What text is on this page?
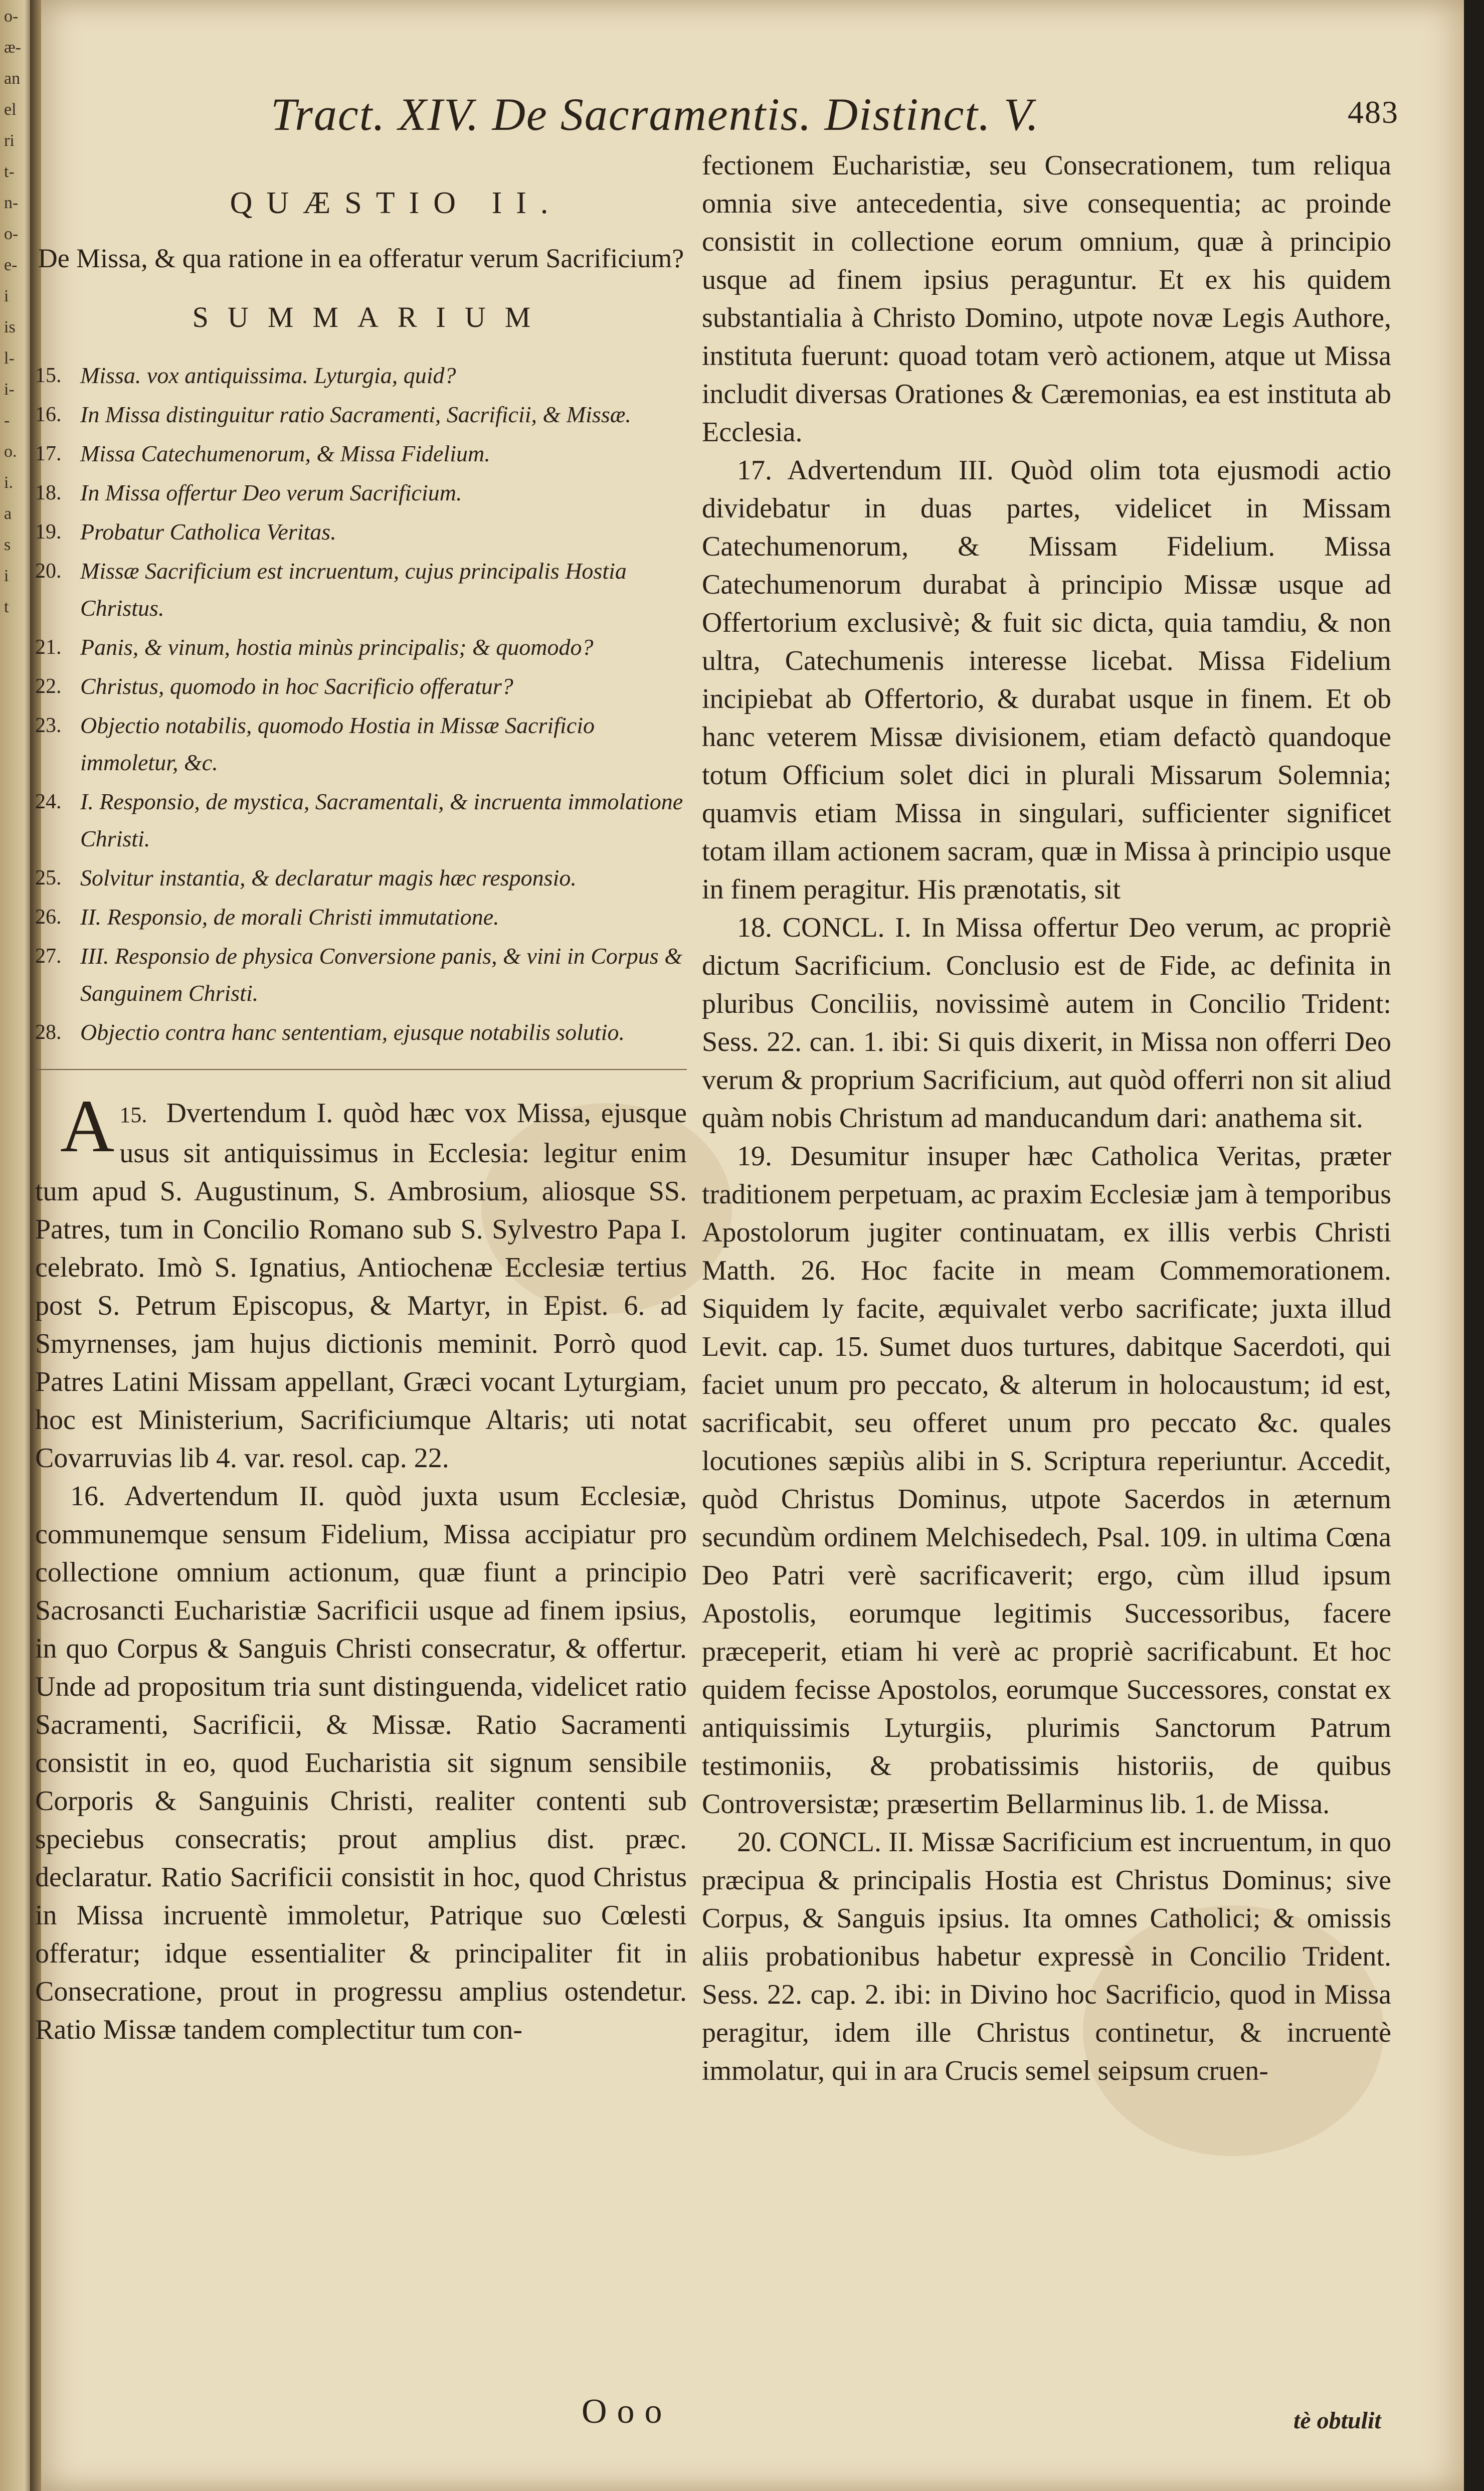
o-
æ-
an
el
ri
t-
n-
o-
e-
i
is
l-
i-
-
o.
i.
a
s
i
t
Tract. XIV. De Sacramentis. Distinct. V.	483
QUÆSTIO II.
De Missa, & qua ratione in ea offeratur verum Sacrificium?
SUMMARIUM
15. Missa. vox antiquissima. Lyturgia, quid?
16. In Missa distinguitur ratio Sacramenti, Sacrificii, & Missæ.
17. Missa Catechumenorum, & Missa Fidelium.
18. In Missa offertur Deo verum Sacrificium.
19. Probatur Catholica Veritas.
20. Missæ Sacrificium est incruentum, cujus principalis Hostia Christus.
21. Panis, & vinum, hostia minùs principalis; & quomodo?
22. Christus, quomodo in hoc Sacrificio offeratur?
23. Objectio notabilis, quomodo Hostia in Missæ Sacrificio immoletur, &c.
24. I. Responsio, de mystica, Sacramentali, & incruenta immolatione Christi.
25. Solvitur instantia, & declaratur magis hæc responsio.
26. II. Responsio, de morali Christi immutatione.
27. III. Responsio de physica Conversione panis, & vini in Corpus & Sanguinem Christi.
28. Objectio contra hanc sententiam, ejusque notabilis solutio.

15.
A Dvertendum I. quòd hæc vox Missa, ejusque usus sit antiquissimus in Ecclesia: legitur enim tum apud S. Augustinum, S. Ambrosium, aliosque SS. Patres, tum in Concilio Romano sub S. Sylvestro Papa I. celebrato. Imò S. Ignatius, Antiochenæ Ecclesiæ tertius post S. Petrum Episcopus, & Martyr, in Epist. 6. ad Smyrnenses, jam hujus dictionis meminit. Porrò quod Patres Latini Missam appellant, Græci vocant Lyturgiam, hoc est Ministerium, Sacrificiumque Altaris; uti notat Covarruvias lib 4. var. resol. cap. 22.

16. Advertendum II. quòd juxta usum Ecclesiæ, communemque sensum Fidelium, Missa accipiatur pro collectione omnium actionum, quæ fiunt a principio Sacrosancti Eucharistiæ Sacrificii usque ad finem ipsius, in quo Corpus & Sanguis Christi consecratur, & offertur. Unde ad propositum tria sunt distinguenda, videlicet ratio Sacramenti, Sacrificii, & Missæ. Ratio Sacramenti consistit in eo, quod Eucharistia sit signum sensibile Corporis & Sanguinis Christi, realiter contenti sub speciebus consecratis; prout amplius dist. præc. declaratur. Ratio Sacrificii consistit in hoc, quod Christus in Missa incruentè immoletur, Patrique suo Cœlesti offeratur; idque essentialiter & principaliter fit in Consecratione, prout in progressu amplius ostendetur. Ratio Missæ tandem complectitur tum con-

fectionem Eucharistiæ, seu Consecrationem, tum reliqua omnia sive antecedentia, sive consequentia; ac proinde consistit in collectione eorum omnium, quæ à principio usque ad finem ipsius peraguntur. Et ex his quidem substantialia à Christo Domino, utpote novæ Legis Authore, instituta fuerunt: quoad totam verò actionem, atque ut Missa includit diversas Orationes & Cæremonias, ea est instituta ab Ecclesia.

17. Advertendum III. Quòd olim tota ejusmodi actio dividebatur in duas partes, videlicet in Missam Catechumenorum, & Missam Fidelium. Missa Catechumenorum durabat à principio Missæ usque ad Offertorium exclusivè; & fuit sic dicta, quia tamdiu, & non ultra, Catechumenis interesse licebat. Missa Fidelium incipiebat ab Offertorio, & durabat usque in finem. Et ob hanc veterem Missæ divisionem, etiam defactò quandoque totum Officium solet dici in plurali Missarum Solemnia; quamvis etiam Missa in singulari, sufficienter significet totam illam actionem sacram, quæ in Missa à principio usque in finem peragitur. His prænotatis, sit

18. CONCL. I. In Missa offertur Deo verum, ac propriè dictum Sacrificium. Conclusio est de Fide, ac definita in pluribus Conciliis, novissimè autem in Concilio Trident: Sess. 22. can. 1. ibi: Si quis dixerit, in Missa non offerri Deo verum & proprium Sacrificium, aut quòd offerri non sit aliud quàm nobis Christum ad manducandum dari: anathema sit.

19. Desumitur insuper hæc Catholica Veritas, præter traditionem perpetuam, ac praxim Ecclesiæ jam à temporibus Apostolorum jugiter continuatam, ex illis verbis Christi Matth. 26. Hoc facite in meam Commemorationem. Siquidem ly facite, æquivalet verbo sacrificate; juxta illud Levit. cap. 15. Sumet duos turtures, dabitque Sacerdoti, qui faciet unum pro peccato, & alterum in holocaustum; id est, sacrificabit, seu offeret unum pro peccato &c. quales locutiones sæpiùs alibi in S. Scriptura reperiuntur. Accedit, quòd Christus Dominus, utpote Sacerdos in æternum secundùm ordinem Melchisedech, Psal. 109. in ultima Cœna Deo Patri verè sacrificaverit; ergo, cùm illud ipsum Apostolis, eorumque legitimis Successoribus, facere præceperit, etiam hi verè ac propriè sacrificabunt. Et hoc quidem fecisse Apostolos, eorumque Successores, constat ex antiquissimis Lyturgiis, plurimis Sanctorum Patrum testimoniis, & probatissimis historiis, de quibus Controversistæ; præsertim Bellarminus lib. 1. de Missa.

20. CONCL. II. Missæ Sacrificium est incruentum, in quo præcipua & principalis Hostia est Christus Dominus; sive Corpus, & Sanguis ipsius. Ita omnes Catholici; & omissis aliis probationibus habetur expressè in Concilio Trident. Sess. 22. cap. 2. ibi: in Divino hoc Sacrificio, quod in Missa peragitur, idem ille Christus continetur, & incruentè immolatur, qui in ara Crucis semel seipsum cruen-

Ooo	tè obtulit
